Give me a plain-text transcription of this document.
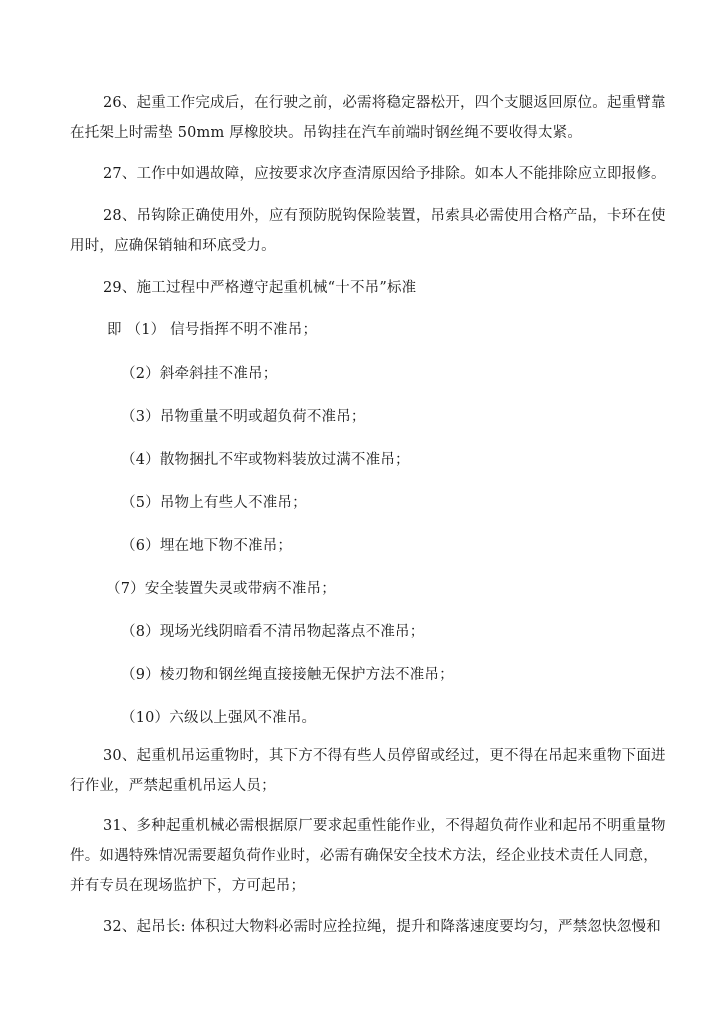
26、起重工作完成后，在行驶之前，必需将稳定器松开，四个支腿返回原位。起重臂靠
在托架上时需垫 50mm 厚橡胶块。吊钩挂在汽车前端时钢丝绳不要收得太紧。
27、工作中如遇故障，应按要求次序查清原因给予排除。如本人不能排除应立即报修。
28、吊钩除正确使用外，应有预防脱钩保险装置，吊索具必需使用合格产品，卡环在使
用时，应确保销轴和环底受力。
29、施工过程中严格遵守起重机械“十不吊”标准
即 （1） 信号指挥不明不准吊；
（2）斜牵斜挂不准吊；
（3）吊物重量不明或超负荷不准吊；
（4）散物捆扎不牢或物料装放过满不准吊；
（5）吊物上有些人不准吊；
（6）埋在地下物不准吊；
（7）安全装置失灵或带病不准吊；
（8）现场光线阴暗看不清吊物起落点不准吊；
（9）棱刃物和钢丝绳直接接触无保护方法不准吊；
（10）六级以上强风不准吊。
30、起重机吊运重物时，其下方不得有些人员停留或经过，更不得在吊起来重物下面进
行作业，严禁起重机吊运人员；
31、多种起重机械必需根据原厂要求起重性能作业，不得超负荷作业和起吊不明重量物
件。如遇特殊情况需要超负荷作业时，必需有确保安全技术方法，经企业技术责任人同意，
并有专员在现场监护下，方可起吊；
32、起吊长: 体积过大物料必需时应拴拉绳，提升和降落速度要均匀，严禁忽快忽慢和
